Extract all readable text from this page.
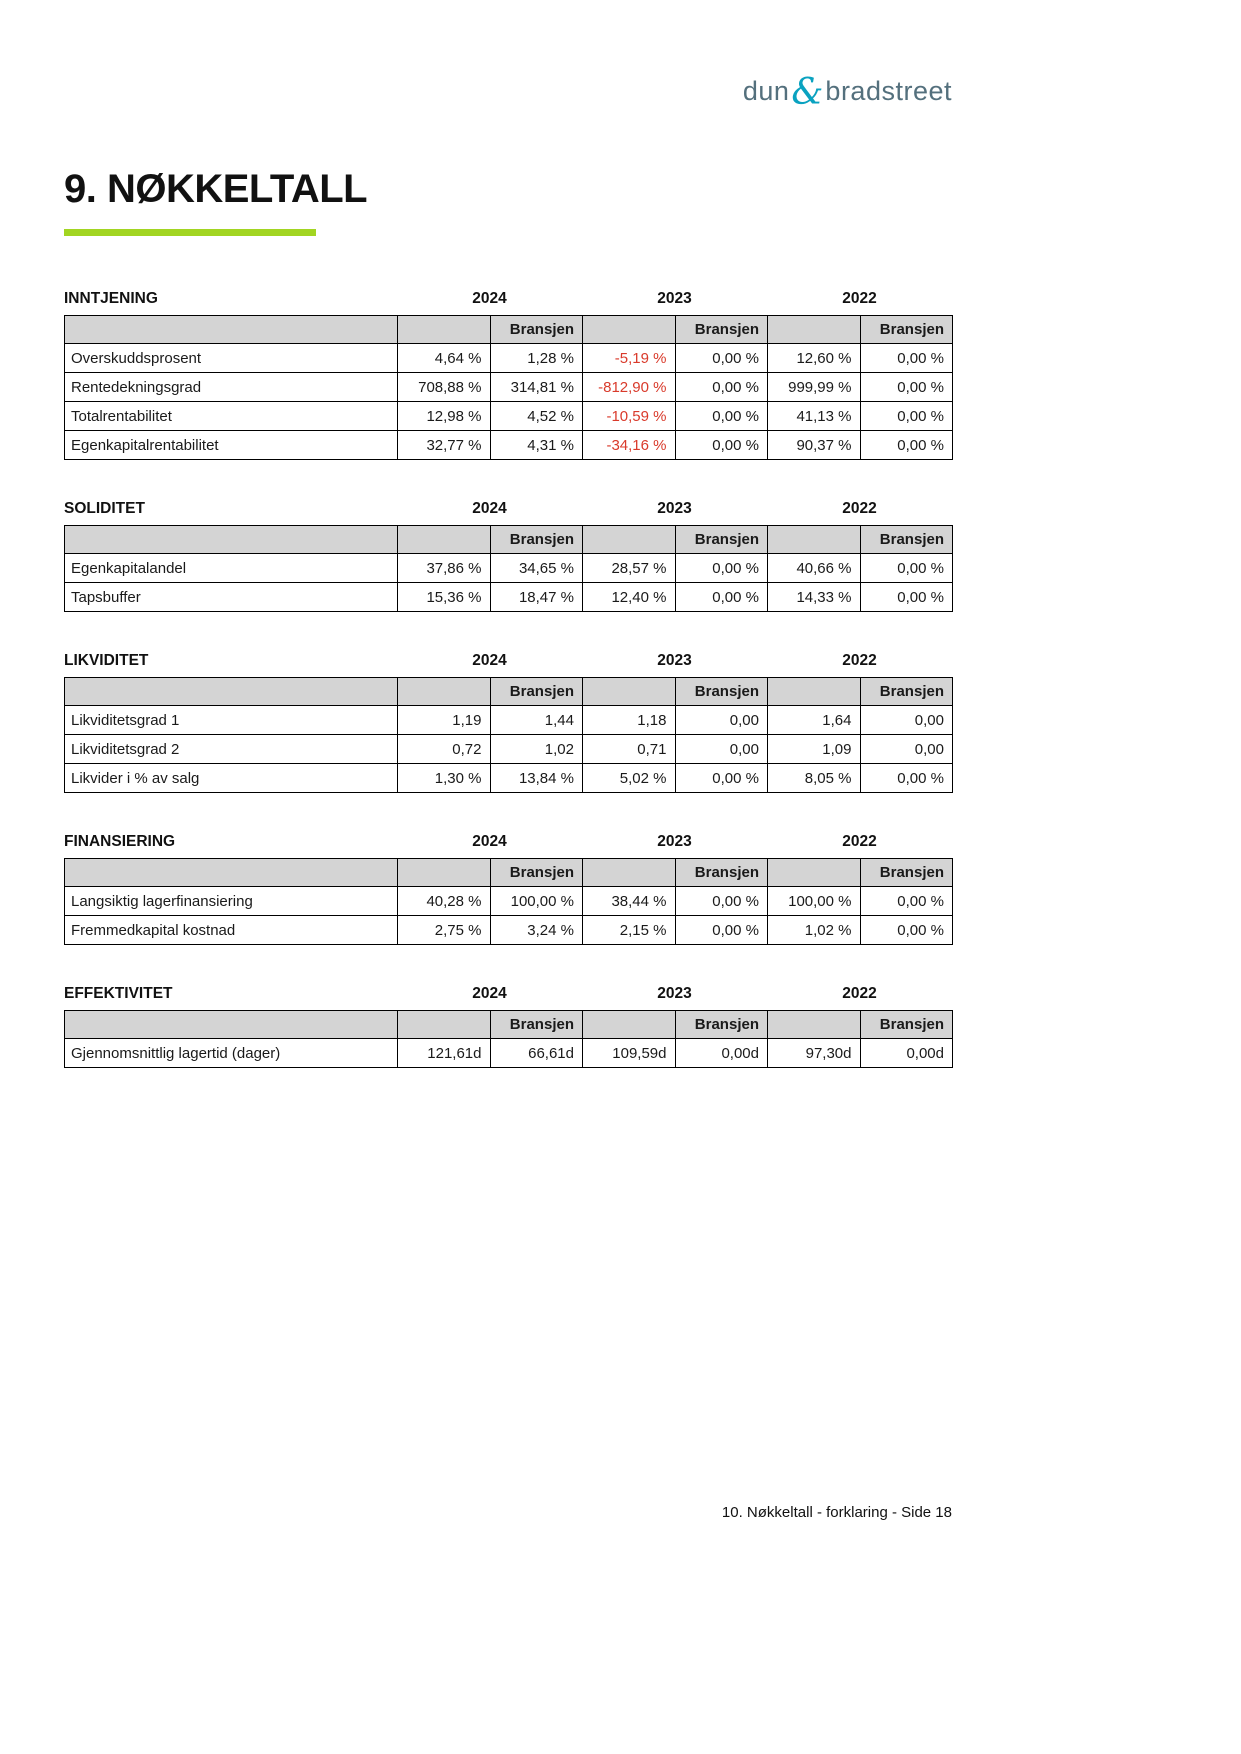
dun&bradstreet
9. NØKKELTALL
INNTJENING	2024	2023	2022
		Bransjen		Bransjen		Bransjen
Overskuddsprosent	4,64 %	1,28 %	-5,19 %	0,00 %	12,60 %	0,00 %
Rentedekningsgrad	708,88 %	314,81 %	-812,90 %	0,00 %	999,99 %	0,00 %
Totalrentabilitet	12,98 %	4,52 %	-10,59 %	0,00 %	41,13 %	0,00 %
Egenkapitalrentabilitet	32,77 %	4,31 %	-34,16 %	0,00 %	90,37 %	0,00 %
SOLIDITET	2024	2023	2022
		Bransjen		Bransjen		Bransjen
Egenkapitalandel	37,86 %	34,65 %	28,57 %	0,00 %	40,66 %	0,00 %
Tapsbuffer	15,36 %	18,47 %	12,40 %	0,00 %	14,33 %	0,00 %
LIKVIDITET	2024	2023	2022
		Bransjen		Bransjen		Bransjen
Likviditetsgrad 1	1,19	1,44	1,18	0,00	1,64	0,00
Likviditetsgrad 2	0,72	1,02	0,71	0,00	1,09	0,00
Likvider i % av salg	1,30 %	13,84 %	5,02 %	0,00 %	8,05 %	0,00 %
FINANSIERING	2024	2023	2022
		Bransjen		Bransjen		Bransjen
Langsiktig lagerfinansiering	40,28 %	100,00 %	38,44 %	0,00 %	100,00 %	0,00 %
Fremmedkapital kostnad	2,75 %	3,24 %	2,15 %	0,00 %	1,02 %	0,00 %
EFFEKTIVITET	2024	2023	2022
		Bransjen		Bransjen		Bransjen
Gjennomsnittlig lagertid (dager)	121,61d	66,61d	109,59d	0,00d	97,30d	0,00d
10. Nøkkeltall - forklaring - Side 18
